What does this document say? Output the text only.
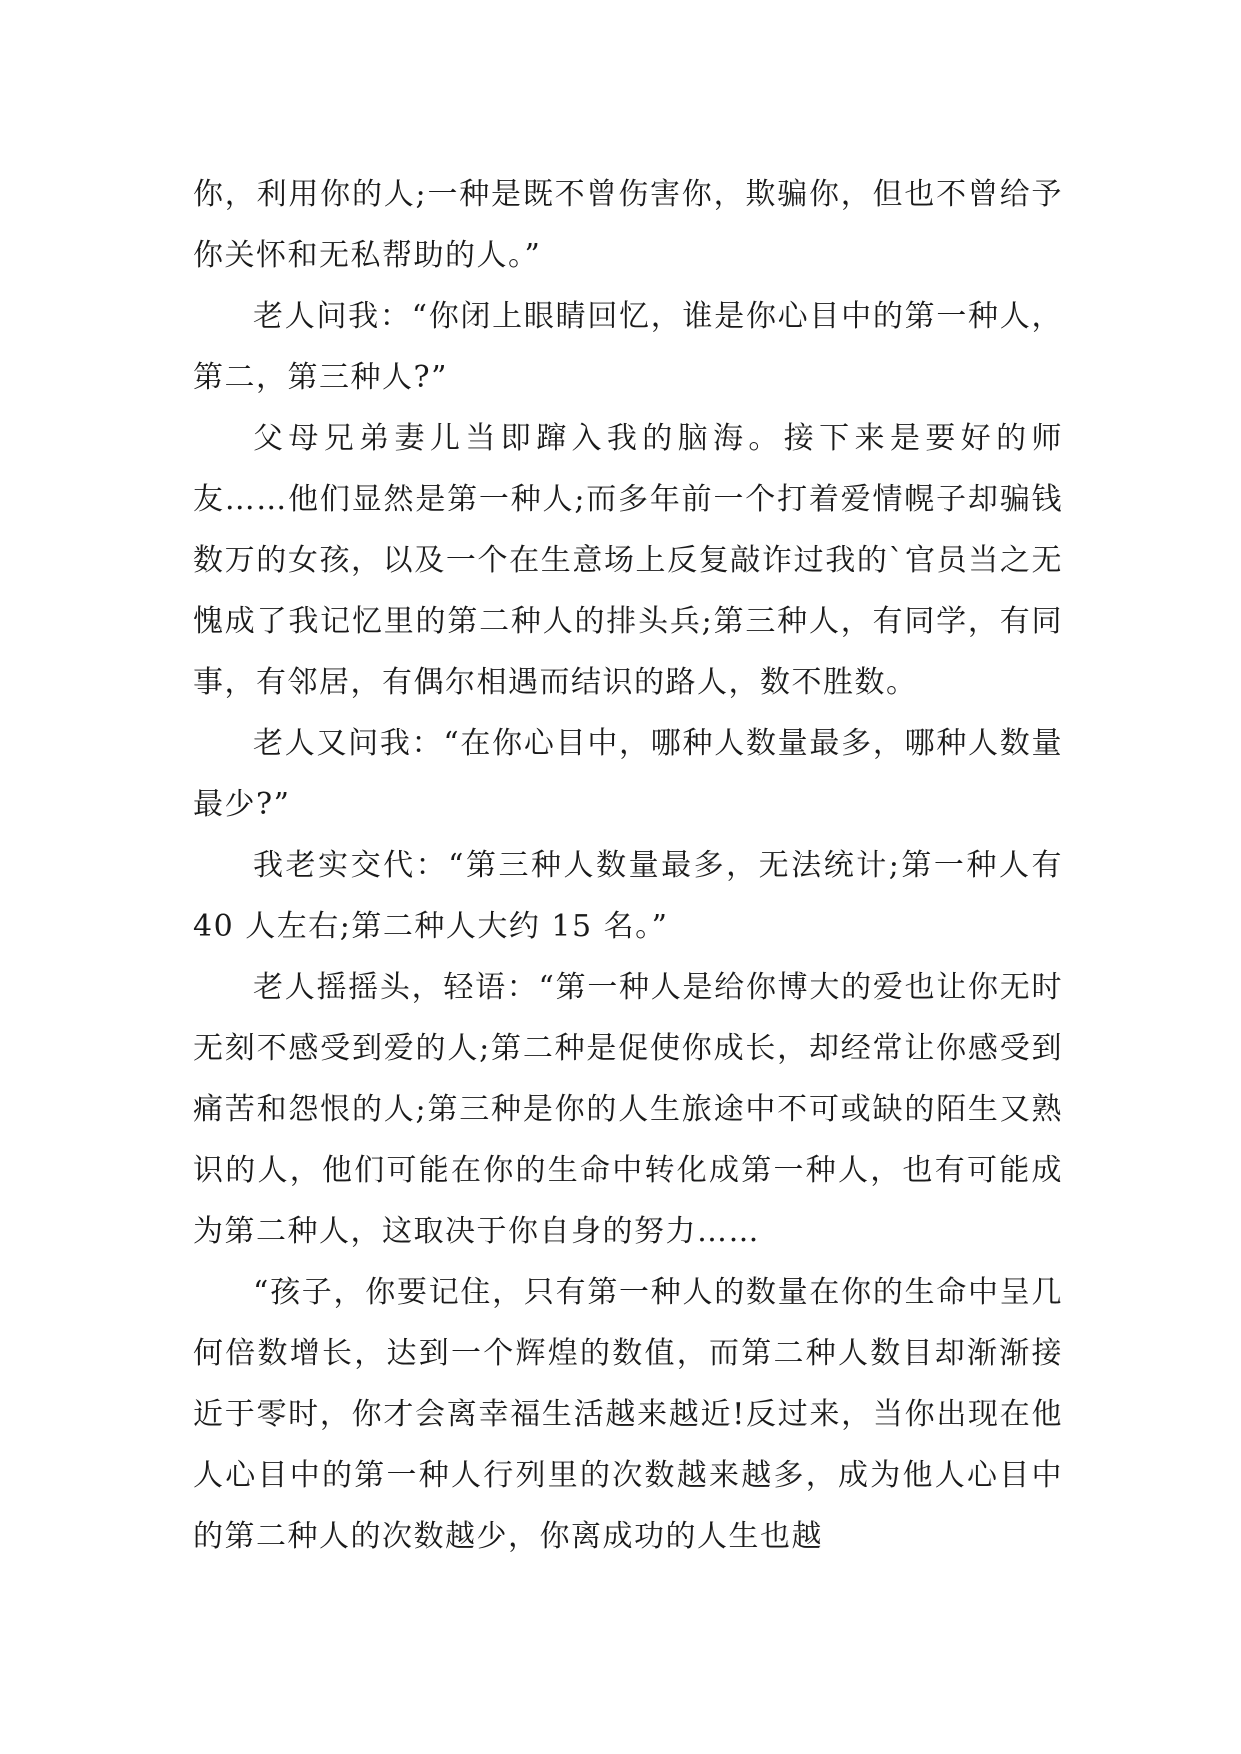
你，利用你的人;一种是既不曾伤害你，欺骗你，但也不曾给予你关怀和无私帮助的人。”

老人问我：“你闭上眼睛回忆，谁是你心目中的第一种人，第二，第三种人?”

父母兄弟妻儿当即蹿入我的脑海。接下来是要好的师友……他们显然是第一种人;而多年前一个打着爱情幌子却骗钱数万的女孩，以及一个在生意场上反复敲诈过我的`官员当之无愧成了我记忆里的第二种人的排头兵;第三种人，有同学，有同事，有邻居，有偶尔相遇而结识的路人，数不胜数。

老人又问我：“在你心目中，哪种人数量最多，哪种人数量最少?”

我老实交代：“第三种人数量最多，无法统计;第一种人有 40 人左右;第二种人大约 15 名。”

老人摇摇头，轻语：“第一种人是给你博大的爱也让你无时无刻不感受到爱的人;第二种是促使你成长，却经常让你感受到痛苦和怨恨的人;第三种是你的人生旅途中不可或缺的陌生又熟识的人，他们可能在你的生命中转化成第一种人，也有可能成为第二种人，这取决于你自身的努力……

“孩子，你要记住，只有第一种人的数量在你的生命中呈几何倍数增长，达到一个辉煌的数值，而第二种人数目却渐渐接近于零时，你才会离幸福生活越来越近!反过来，当你出现在他人心目中的第一种人行列里的次数越来越多，成为他人心目中的第二种人的次数越少，你离成功的人生也越
